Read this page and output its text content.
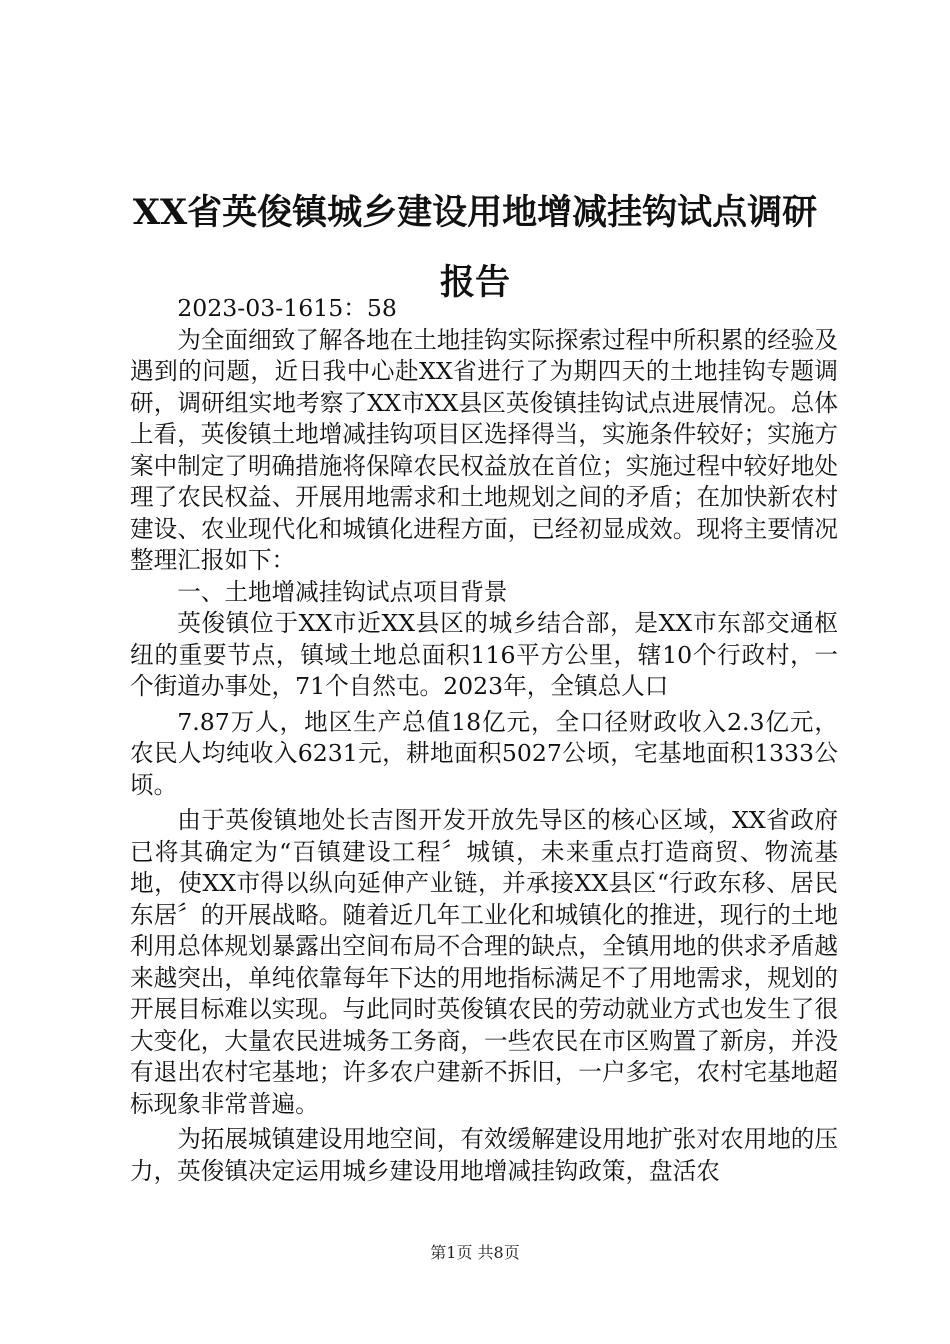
XX省英俊镇城乡建设用地增减挂钩试点调研报告

2023-03-1615：58

为全面细致了解各地在土地挂钩实际探索过程中所积累的经验及遇到的问题，近日我中心赴XX省进行了为期四天的土地挂钩专题调研，调研组实地考察了XX市XX县区英俊镇挂钩试点进展情况。总体上看，英俊镇土地增减挂钩项目区选择得当，实施条件较好；实施方案中制定了明确措施将保障农民权益放在首位；实施过程中较好地处理了农民权益、开展用地需求和土地规划之间的矛盾；在加快新农村建设、农业现代化和城镇化进程方面，已经初显成效。现将主要情况整理汇报如下：

一、土地增减挂钩试点项目背景

英俊镇位于XX市近XX县区的城乡结合部，是XX市东部交通枢纽的重要节点，镇域土地总面积116平方公里，辖10个行政村，一个街道办事处，71个自然屯。2023年，全镇总人口

7.87万人，地区生产总值18亿元，全口径财政收入2.3亿元，农民人均纯收入6231元，耕地面积5027公顷，宅基地面积1333公顷。

由于英俊镇地处长吉图开发开放先导区的核心区域，XX省政府已将其确定为“百镇建设工程〞城镇，未来重点打造商贸、物流基地，使XX市得以纵向延伸产业链，并承接XX县区“行政东移、居民东居〞的开展战略。随着近几年工业化和城镇化的推进，现行的土地利用总体规划暴露出空间布局不合理的缺点，全镇用地的供求矛盾越来越突出，单纯依靠每年下达的用地指标满足不了用地需求，规划的开展目标难以实现。与此同时英俊镇农民的劳动就业方式也发生了很大变化，大量农民进城务工务商，一些农民在市区购置了新房，并没有退出农村宅基地；许多农户建新不拆旧，一户多宅，农村宅基地超标现象非常普遍。

为拓展城镇建设用地空间，有效缓解建设用地扩张对农用地的压力，英俊镇决定运用城乡建设用地增减挂钩政策，盘活农

第1页 共8页
